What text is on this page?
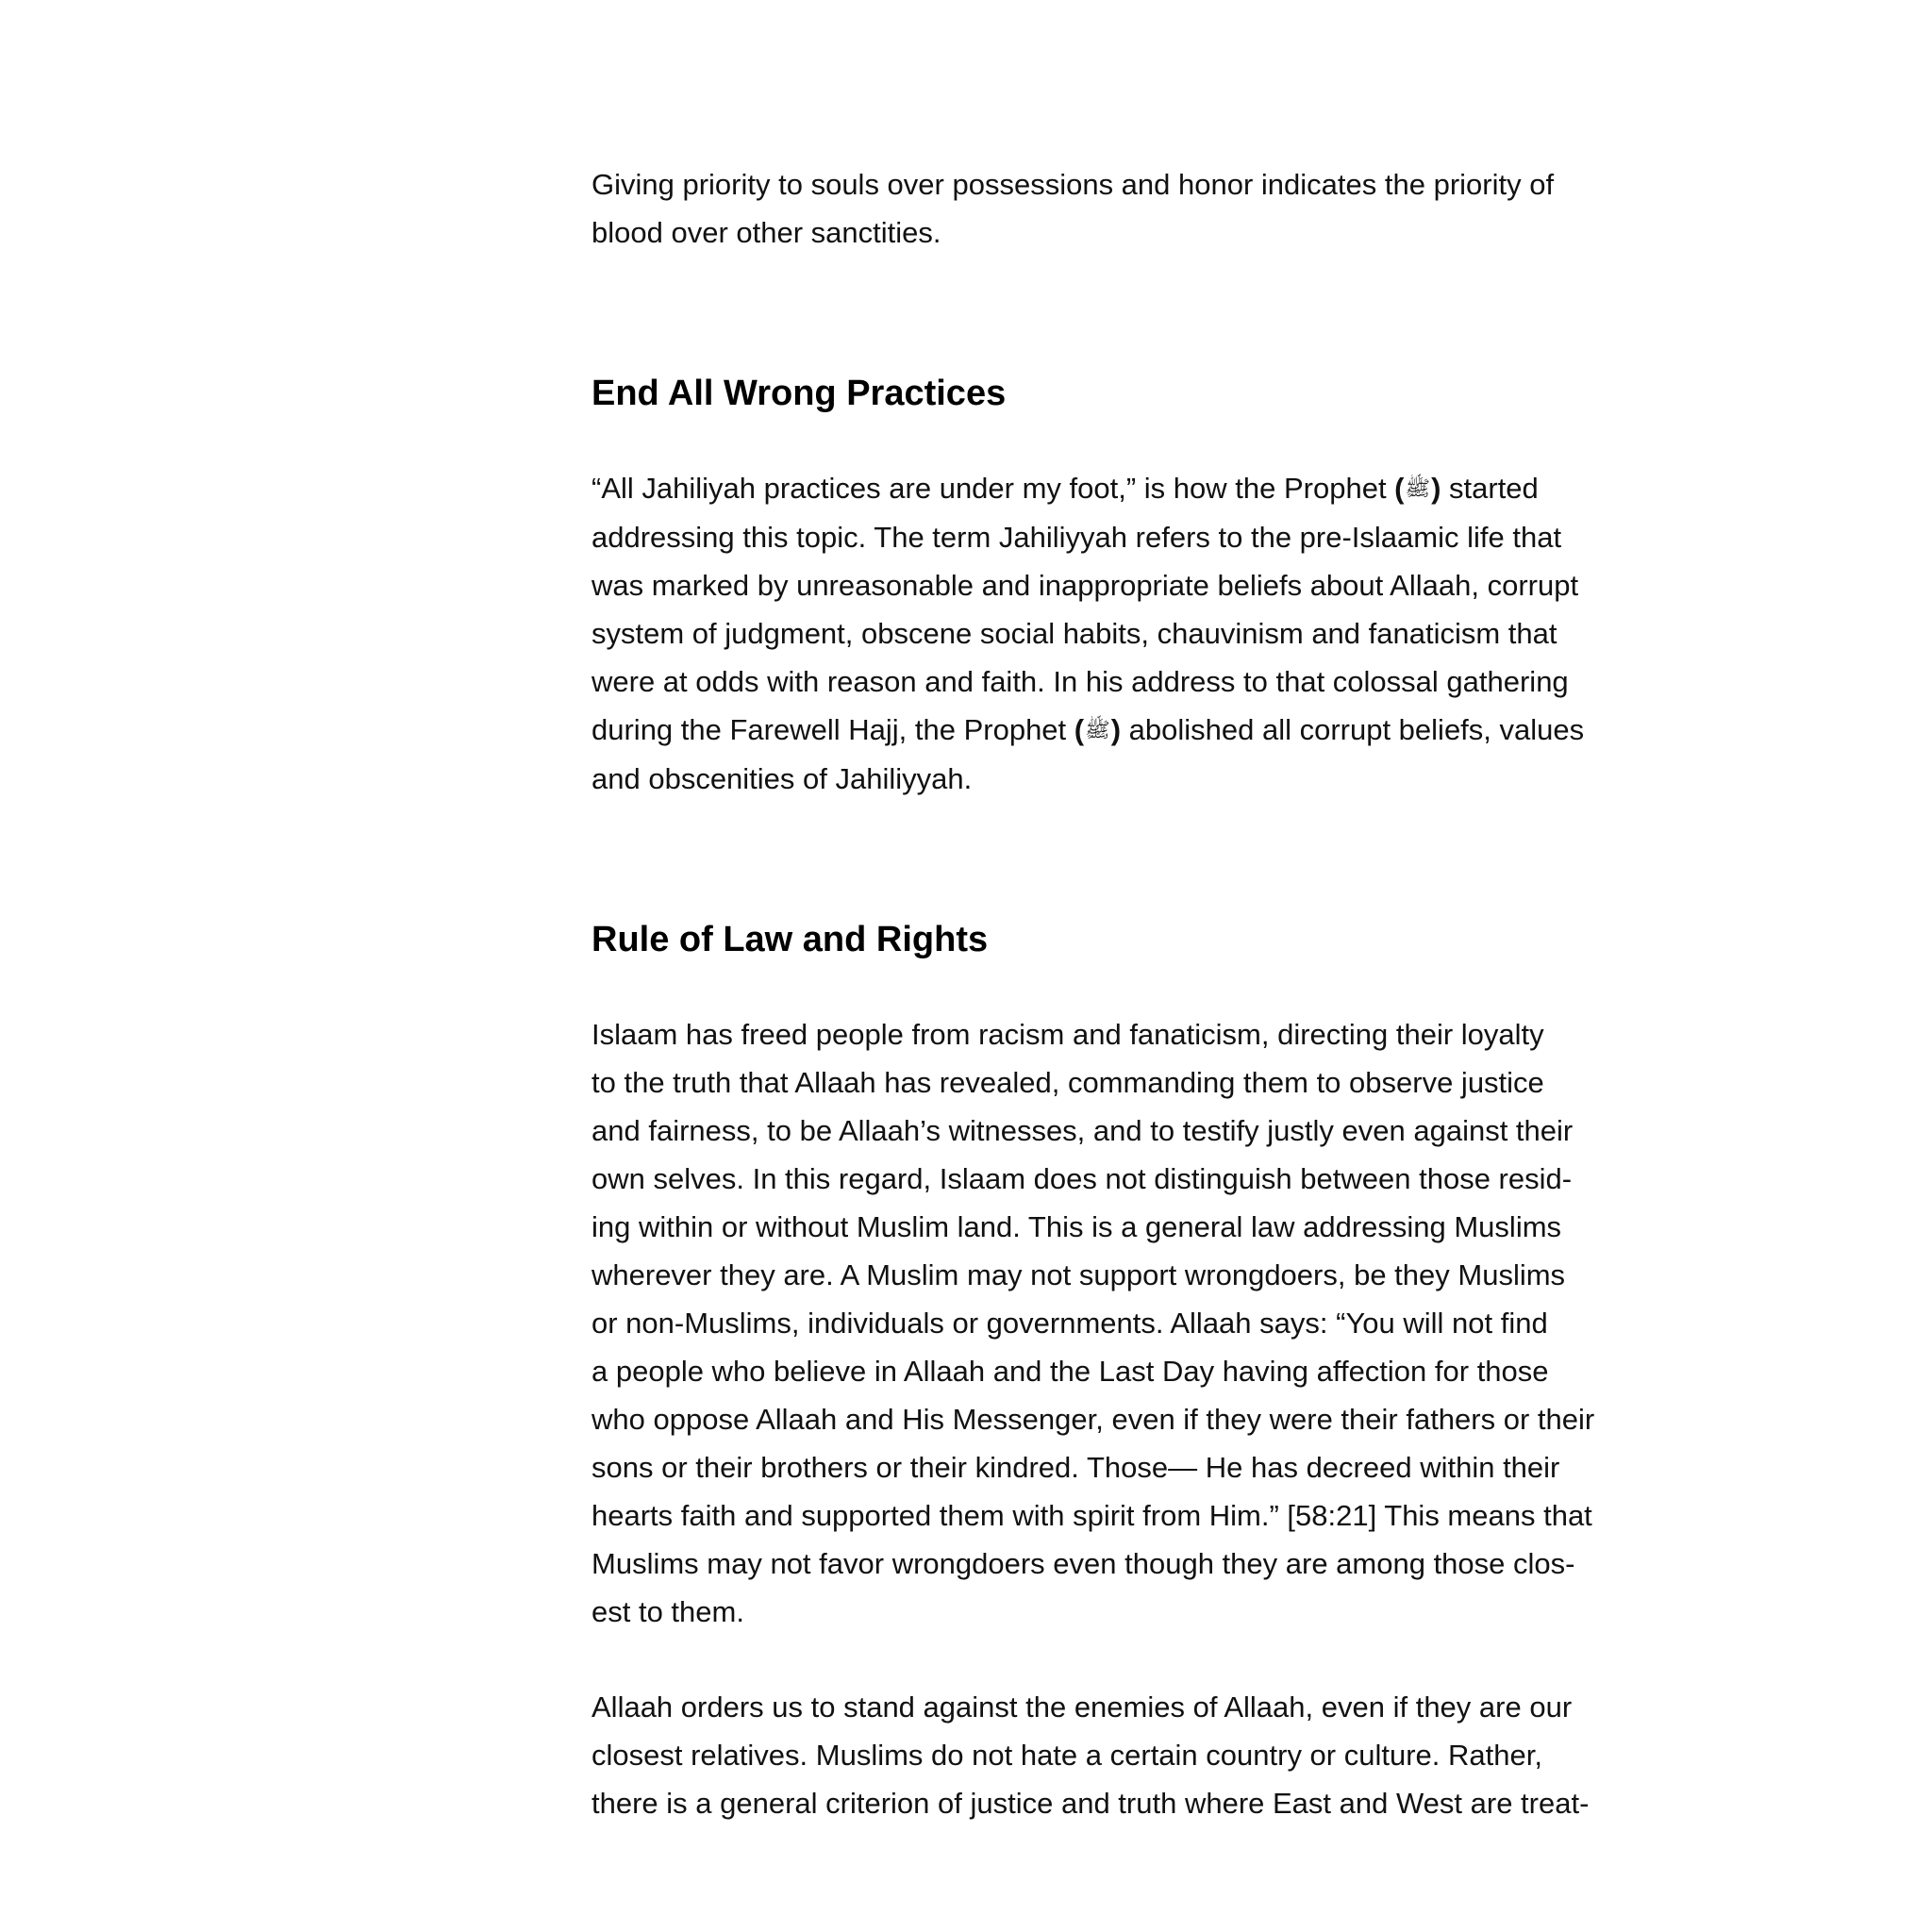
Giving priority to souls over possessions and honor indicates the priority of
blood over other sanctities.

End All Wrong Practices

“All Jahiliyah practices are under my foot,” is how the Prophet (ﷺ) started
addressing this topic. The term Jahiliyyah refers to the pre-Islaamic life that
was marked by unreasonable and inappropriate beliefs about Allaah, corrupt
system of judgment, obscene social habits, chauvinism and fanaticism that
were at odds with reason and faith. In his address to that colossal gathering
during the Farewell Hajj, the Prophet (ﷺ) abolished all corrupt beliefs, values
and obscenities of Jahiliyyah.

Rule of Law and Rights

Islaam has freed people from racism and fanaticism, directing their loyalty
to the truth that Allaah has revealed, commanding them to observe justice
and fairness, to be Allaah’s witnesses, and to testify justly even against their
own selves. In this regard, Islaam does not distinguish between those resid-
ing within or without Muslim land. This is a general law addressing Muslims
wherever they are. A Muslim may not support wrongdoers, be they Muslims
or non-Muslims, individuals or governments. Allaah says: “You will not find
a people who believe in Allaah and the Last Day having affection for those
who oppose Allaah and His Messenger, even if they were their fathers or their
sons or their brothers or their kindred. Those— He has decreed within their
hearts faith and supported them with spirit from Him.” [58:21] This means that
Muslims may not favor wrongdoers even though they are among those clos-
est to them.

Allaah orders us to stand against the enemies of Allaah, even if they are our
closest relatives. Muslims do not hate a certain country or culture. Rather,
there is a general criterion of justice and truth where East and West are treat-
